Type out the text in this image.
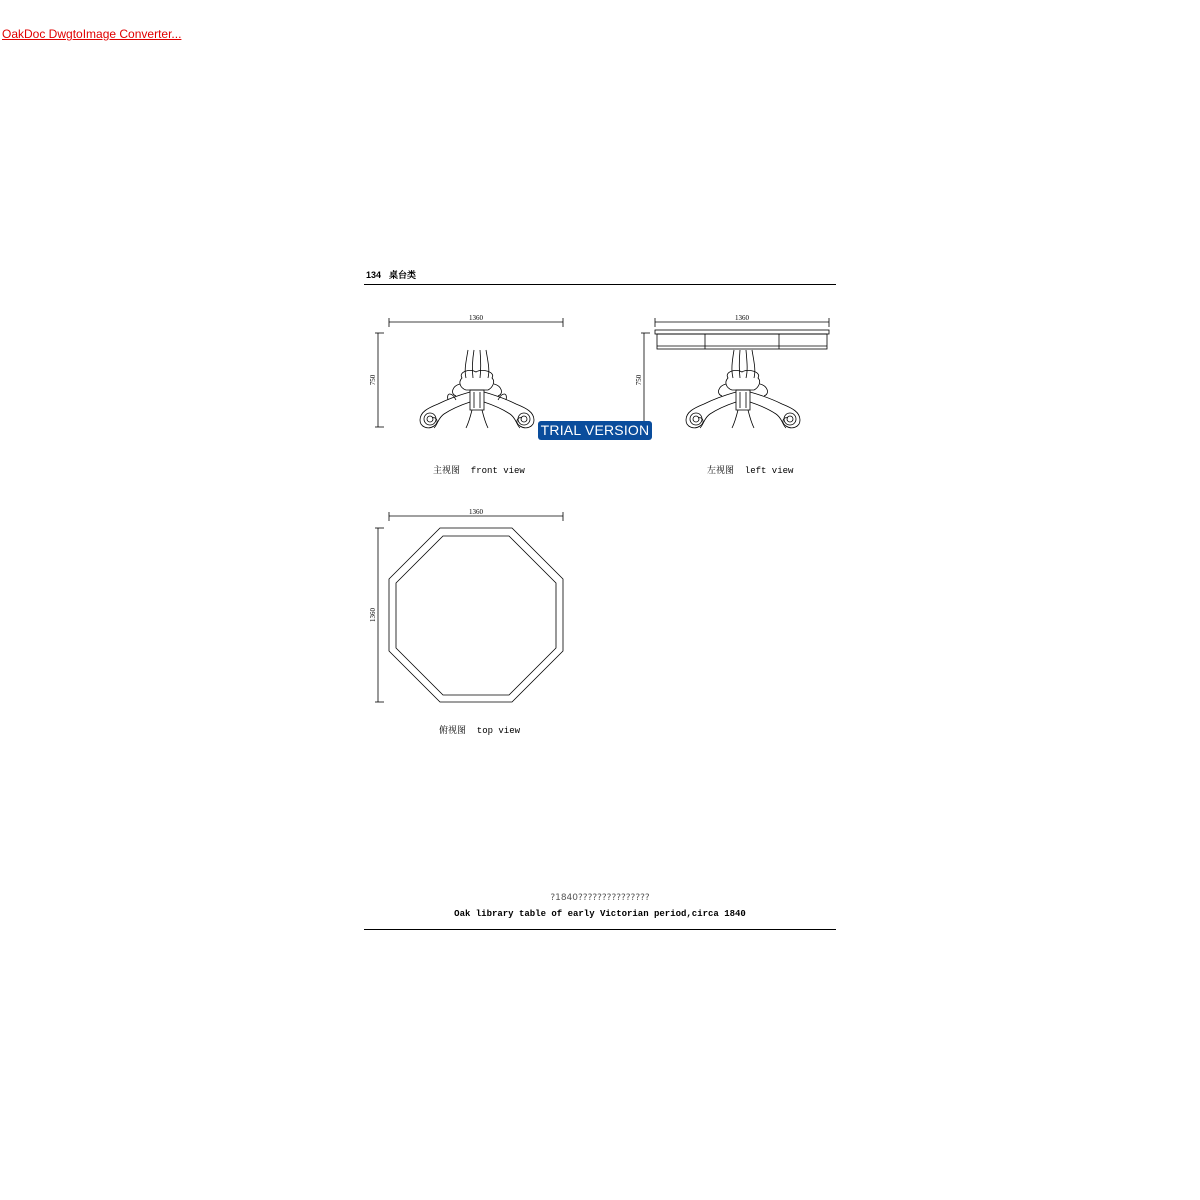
OakDoc DwgtoImage Converter...
134 桌台类
1360
750
1360
750
1360
1360
TRIAL VERSION
主视图  front view	左视图  left view
俯视图  top view
?1840???????????????
Oak library table of early Victorian period,circa 1840
